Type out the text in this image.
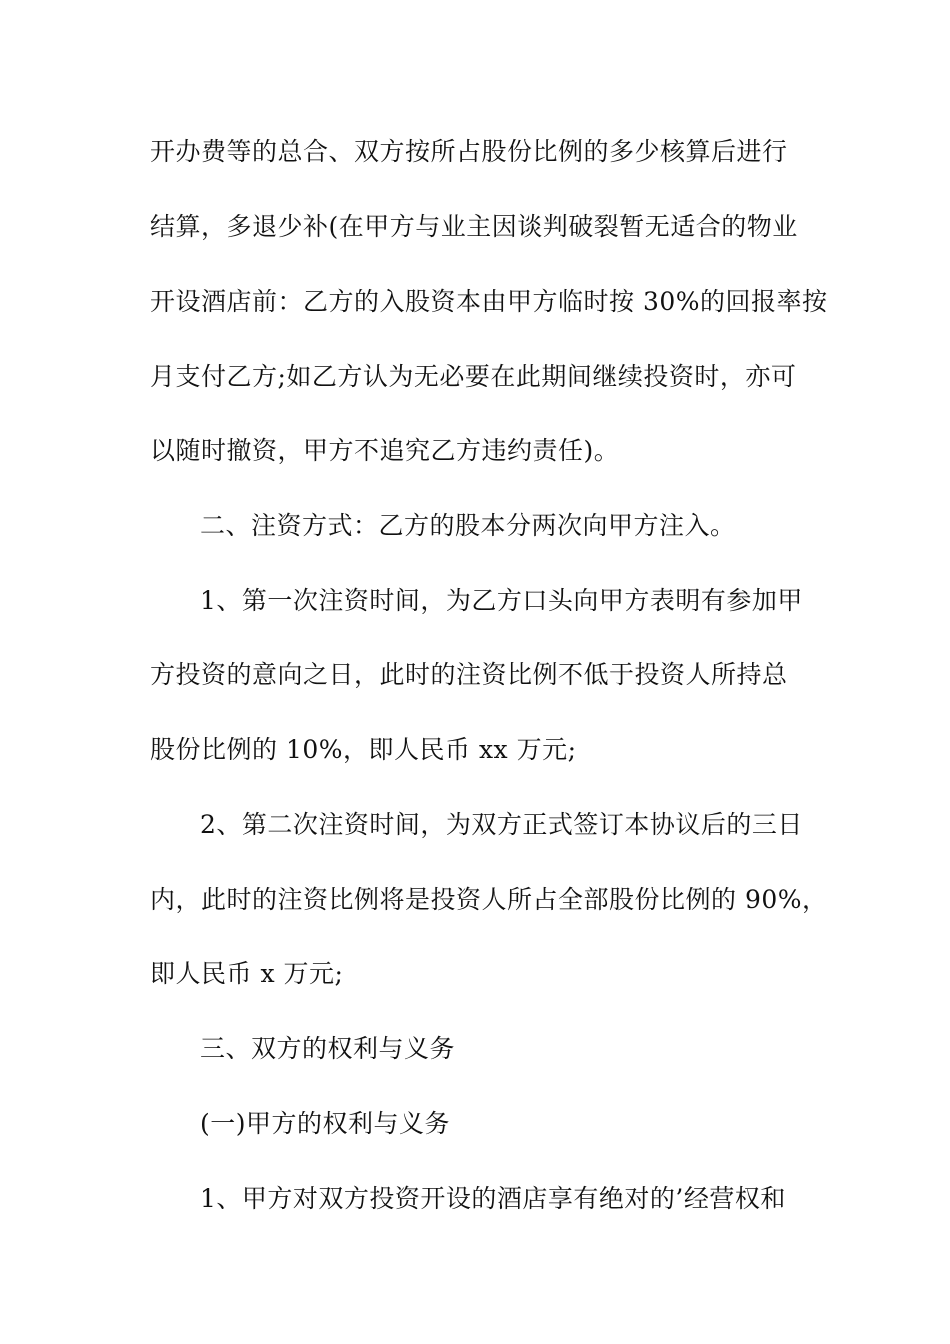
开办费等的总合、双方按所占股份比例的多少核算后进行
结算，多退少补(在甲方与业主因谈判破裂暂无适合的物业
开设酒店前：乙方的入股资本由甲方临时按 30%的回报率按
月支付乙方;如乙方认为无必要在此期间继续投资时，亦可
以随时撤资，甲方不追究乙方违约责任)。
二、注资方式：乙方的股本分两次向甲方注入。
1、第一次注资时间，为乙方口头向甲方表明有参加甲
方投资的意向之日，此时的注资比例不低于投资人所持总
股份比例的 10%，即人民币 xx 万元;
2、第二次注资时间，为双方正式签订本协议后的三日
内，此时的注资比例将是投资人所占全部股份比例的 90%，
即人民币 x 万元;
三、双方的权利与义务
(一)甲方的权利与义务
1、甲方对双方投资开设的酒店享有绝对的’经营权和
